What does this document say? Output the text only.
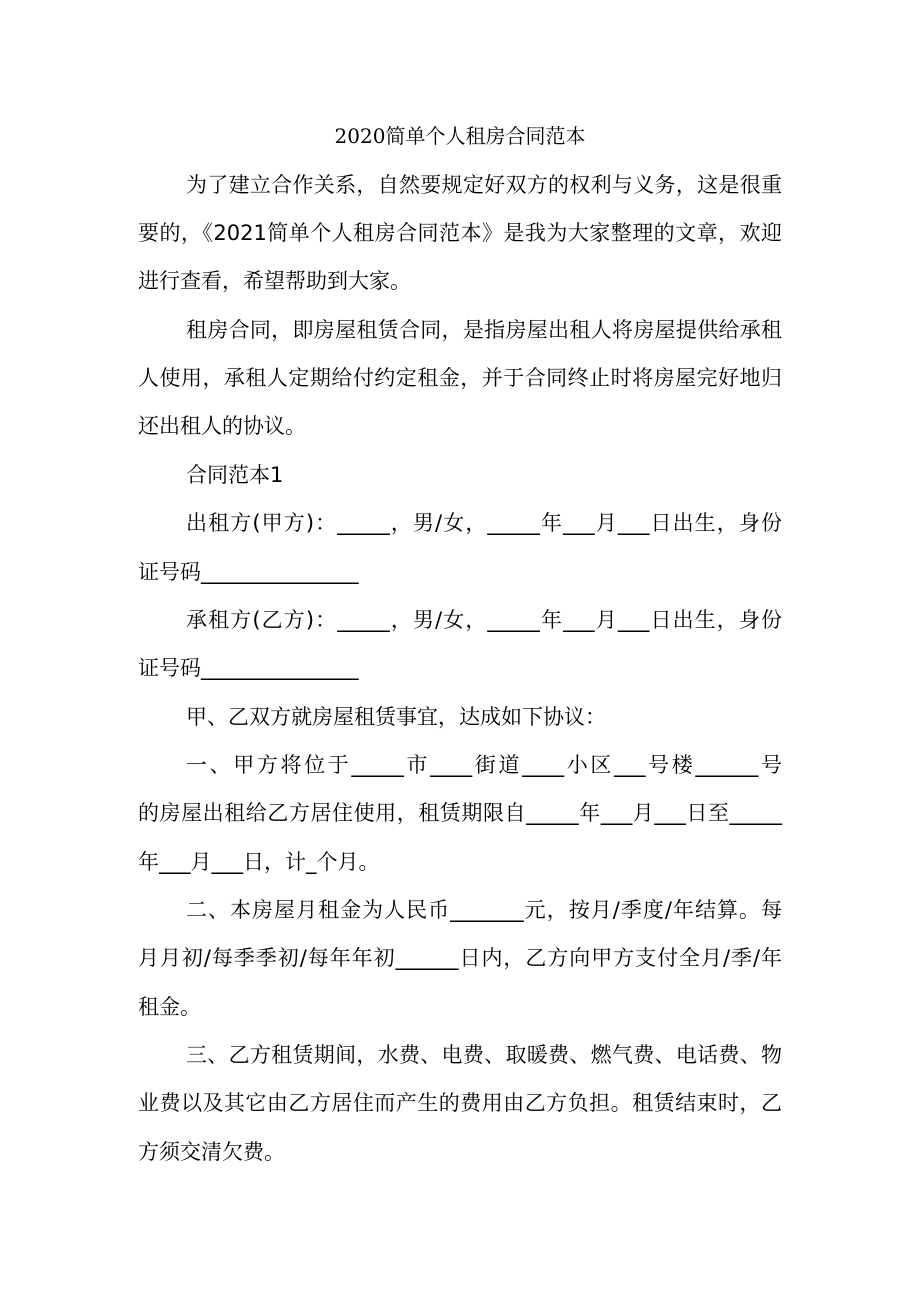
2020简单个人租房合同范本
为了建立合作关系，自然要规定好双方的权利与义务，这是很重
要的，《2021简单个人租房合同范本》是我为大家整理的文章，欢迎
进行查看，希望帮助到大家。
租房合同，即房屋租赁合同，是指房屋出租人将房屋提供给承租
人使用，承租人定期给付约定租金，并于合同终止时将房屋完好地归
还出租人的协议。
合同范本1
出租方(甲方)：_____，男/女，_____年___月___日出生，身份
证号码_______________
承租方(乙方)：_____，男/女，_____年___月___日出生，身份
证号码_______________
甲、乙双方就房屋租赁事宜，达成如下协议：
一、甲方将位于_____市____街道____小区___号楼______号
的房屋出租给乙方居住使用，租赁期限自_____年___月___日至_____
年___月___日，计_个月。
二、本房屋月租金为人民币_______元，按月/季度/年结算。每
月月初/每季季初/每年年初______日内，乙方向甲方支付全月/季/年
租金。
三、乙方租赁期间，水费、电费、取暖费、燃气费、电话费、物
业费以及其它由乙方居住而产生的费用由乙方负担。租赁结束时，乙
方须交清欠费。
